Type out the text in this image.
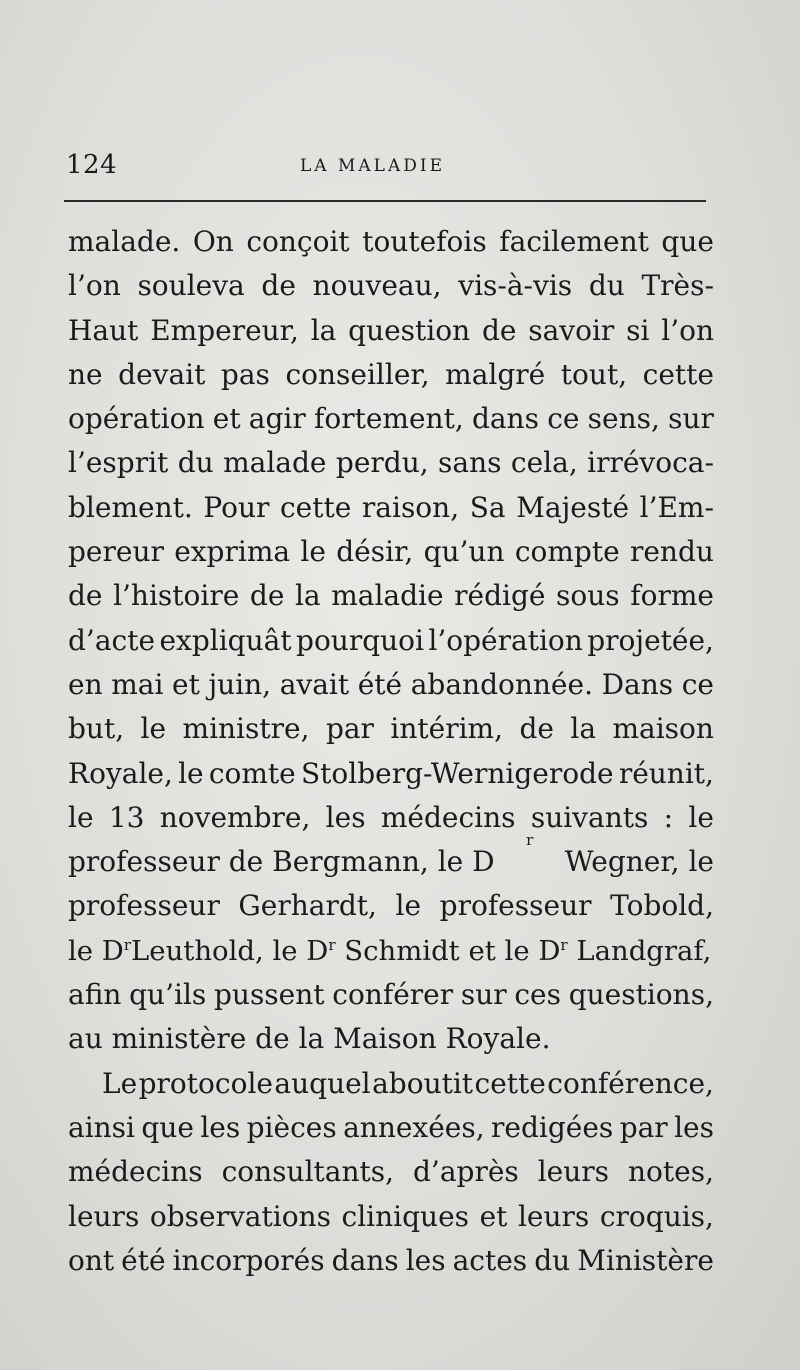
124	LA MALADIE
malade. On conçoit toutefois facilement que
l’on souleva de nouveau, vis-à-vis du Très-
Haut Empereur, la question de savoir si l’on
ne devait pas conseiller, malgré tout, cette
opération et agir fortement, dans ce sens, sur
l’esprit du malade perdu, sans cela, irrévoca-
blement. Pour cette raison, Sa Majesté l’Em-
pereur exprima le désir, qu’un compte rendu
de l’histoire de la maladie rédigé sous forme
d’acte expliquât pourquoi l’opération projetée,
en mai et juin, avait été abandonnée. Dans ce
but, le ministre, par intérim, de la maison
Royale, le comte Stolberg-Wernigerode réunit,
le 13 novembre, les médecins suivants : le
professeur de Bergmann, le D
r
Wegner, le
professeur Gerhardt, le professeur Tobold,
le $D^rLeuthold$, le $D^r$ Schmidt et le $D^r$ Landgraf,
afin qu’ils pussent conférer sur ces questions,
au ministère de la Maison Royale.
Le protocole auquel aboutit cette conférence,
ainsi que les pièces annexées, redigées par les
médecins consultants, d’après leurs notes,
leurs observations cliniques et leurs croquis,
ont été incorporés dans les actes du Ministère
